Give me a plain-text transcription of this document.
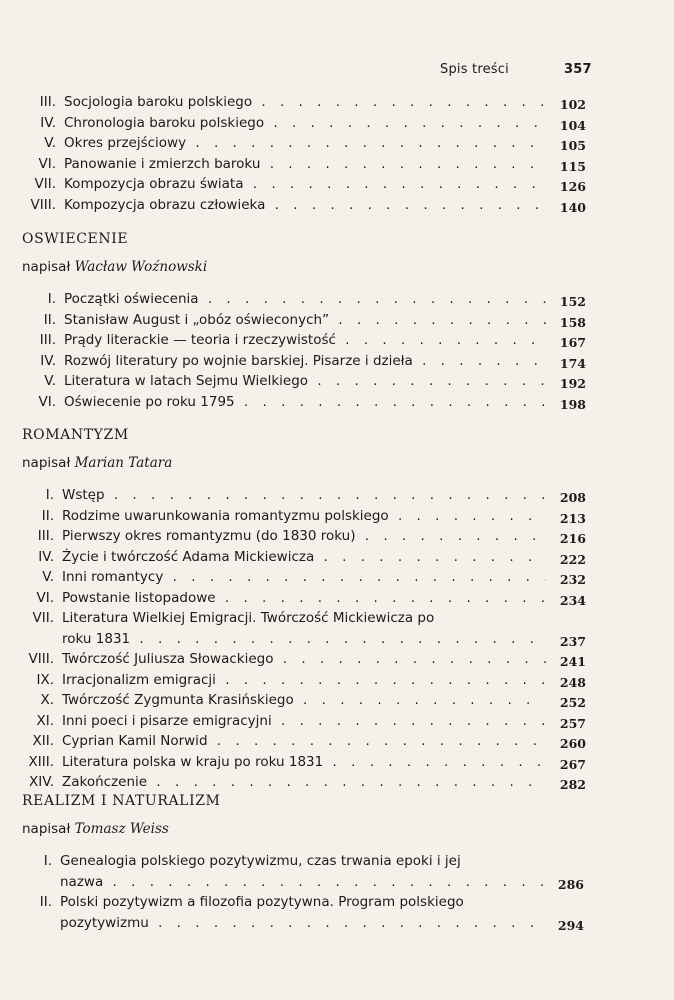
Spis treści	357
III. Socjologia baroku polskiego . . .	102
IV. Chronologia baroku polskiego . . .	104
V. Okres przejściowy . . .	105
VI. Panowanie i zmierzch baroku . . .	115
VII. Kompozycja obrazu świata . . .	126
VIII. Kompozycja obrazu człowieka . . .	140
OSWIECENIE
napisał Wacław Woźnowski
I. Początki oświecenia . . .	152
II. Stanisław August i „obóz oświeconych” . . .	158
III. Prądy literackie — teoria i rzeczywistość . . .	167
IV. Rozwój literatury po wojnie barskiej. Pisarze i dzieła . . .	174
V. Literatura w latach Sejmu Wielkiego . . .	192
VI. Oświecenie po roku 1795 . . .	198
ROMANTYZM
napisał Marian Tatara
I. Wstęp . . .	208
II. Rodzime uwarunkowania romantyzmu polskiego . . .	213
III. Pierwszy okres romantyzmu (do 1830 roku) . . .	216
IV. Życie i twórczość Adama Mickiewicza . . .	222
V. Inni romantycy . . .	232
VI. Powstanie listopadowe . . .	234
VII. Literatura Wielkiej Emigracji. Twórczość Mickiewicza po
roku 1831 . . .	237
VIII. Twórczość Juliusza Słowackiego . . .	241
IX. Irracjonalizm emigracji . . .	248
X. Twórczość Zygmunta Krasińskiego . . .	252
XI. Inni poeci i pisarze emigracyjni . . .	257
XII. Cyprian Kamil Norwid . . .	260
XIII. Literatura polska w kraju po roku 1831 . . .	267
XIV. Zakończenie . . .	282
REALIZM I NATURALIZM
napisał Tomasz Weiss
I. Genealogia polskiego pozytywizmu, czas trwania epoki i jej
nazwa . . .	286
II. Polski pozytywizm a filozofia pozytywna. Program polskiego
pozytywizmu . . .	294
